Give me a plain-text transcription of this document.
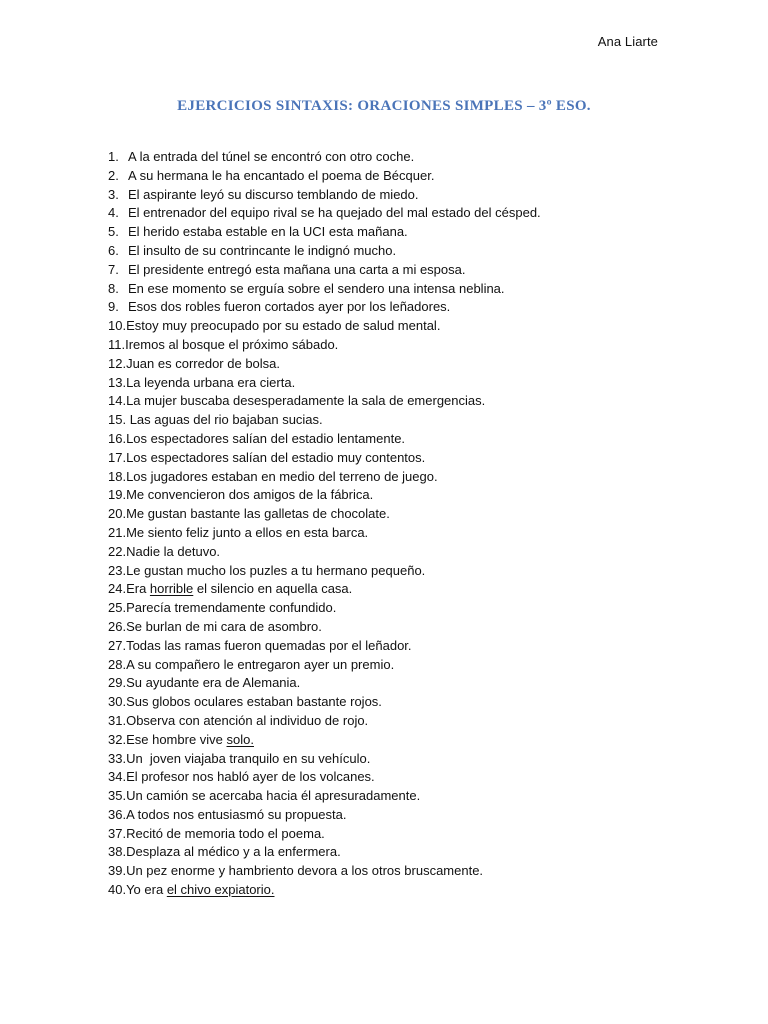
Ana Liarte
EJERCICIOS SINTAXIS: ORACIONES SIMPLES – 3º ESO.
1. A la entrada del túnel se encontró con otro coche.
2. A su hermana le ha encantado el poema de Bécquer.
3. El aspirante leyó su discurso temblando de miedo.
4. El entrenador del equipo rival se ha quejado del mal estado del césped.
5. El herido estaba estable en la UCI esta mañana.
6. El insulto de su contrincante le indignó mucho.
7. El presidente entregó esta mañana una carta a mi esposa.
8. En ese momento se erguía sobre el sendero una intensa neblina.
9. Esos dos robles fueron cortados ayer por los leñadores.
10.Estoy muy preocupado por su estado de salud mental.
11.Iremos al bosque el próximo sábado.
12.Juan es corredor de bolsa.
13.La leyenda urbana era cierta.
14.La mujer buscaba desesperadamente la sala de emergencias.
15. Las aguas del rio bajaban sucias.
16.Los espectadores salían del estadio lentamente.
17.Los espectadores salían del estadio muy contentos.
18.Los jugadores estaban en medio del terreno de juego.
19.Me convencieron dos amigos de la fábrica.
20.Me gustan bastante las galletas de chocolate.
21.Me siento feliz junto a ellos en esta barca.
22.Nadie la detuvo.
23.Le gustan mucho los puzles a tu hermano pequeño.
24.Era horrible el silencio en aquella casa.
25.Parecía tremendamente confundido.
26.Se burlan de mi cara de asombro.
27.Todas las ramas fueron quemadas por el leñador.
28.A su compañero le entregaron ayer un premio.
29.Su ayudante era de Alemania.
30.Sus globos oculares estaban bastante rojos.
31.Observa con atención al individuo de rojo.
32.Ese hombre vive solo.
33.Un  joven viajaba tranquilo en su vehículo.
34.El profesor nos habló ayer de los volcanes.
35.Un camión se acercaba hacia él apresuradamente.
36.A todos nos entusiasmó su propuesta.
37.Recitó de memoria todo el poema.
38.Desplaza al médico y a la enfermera.
39.Un pez enorme y hambriento devora a los otros bruscamente.
40.Yo era el chivo expiatorio.
